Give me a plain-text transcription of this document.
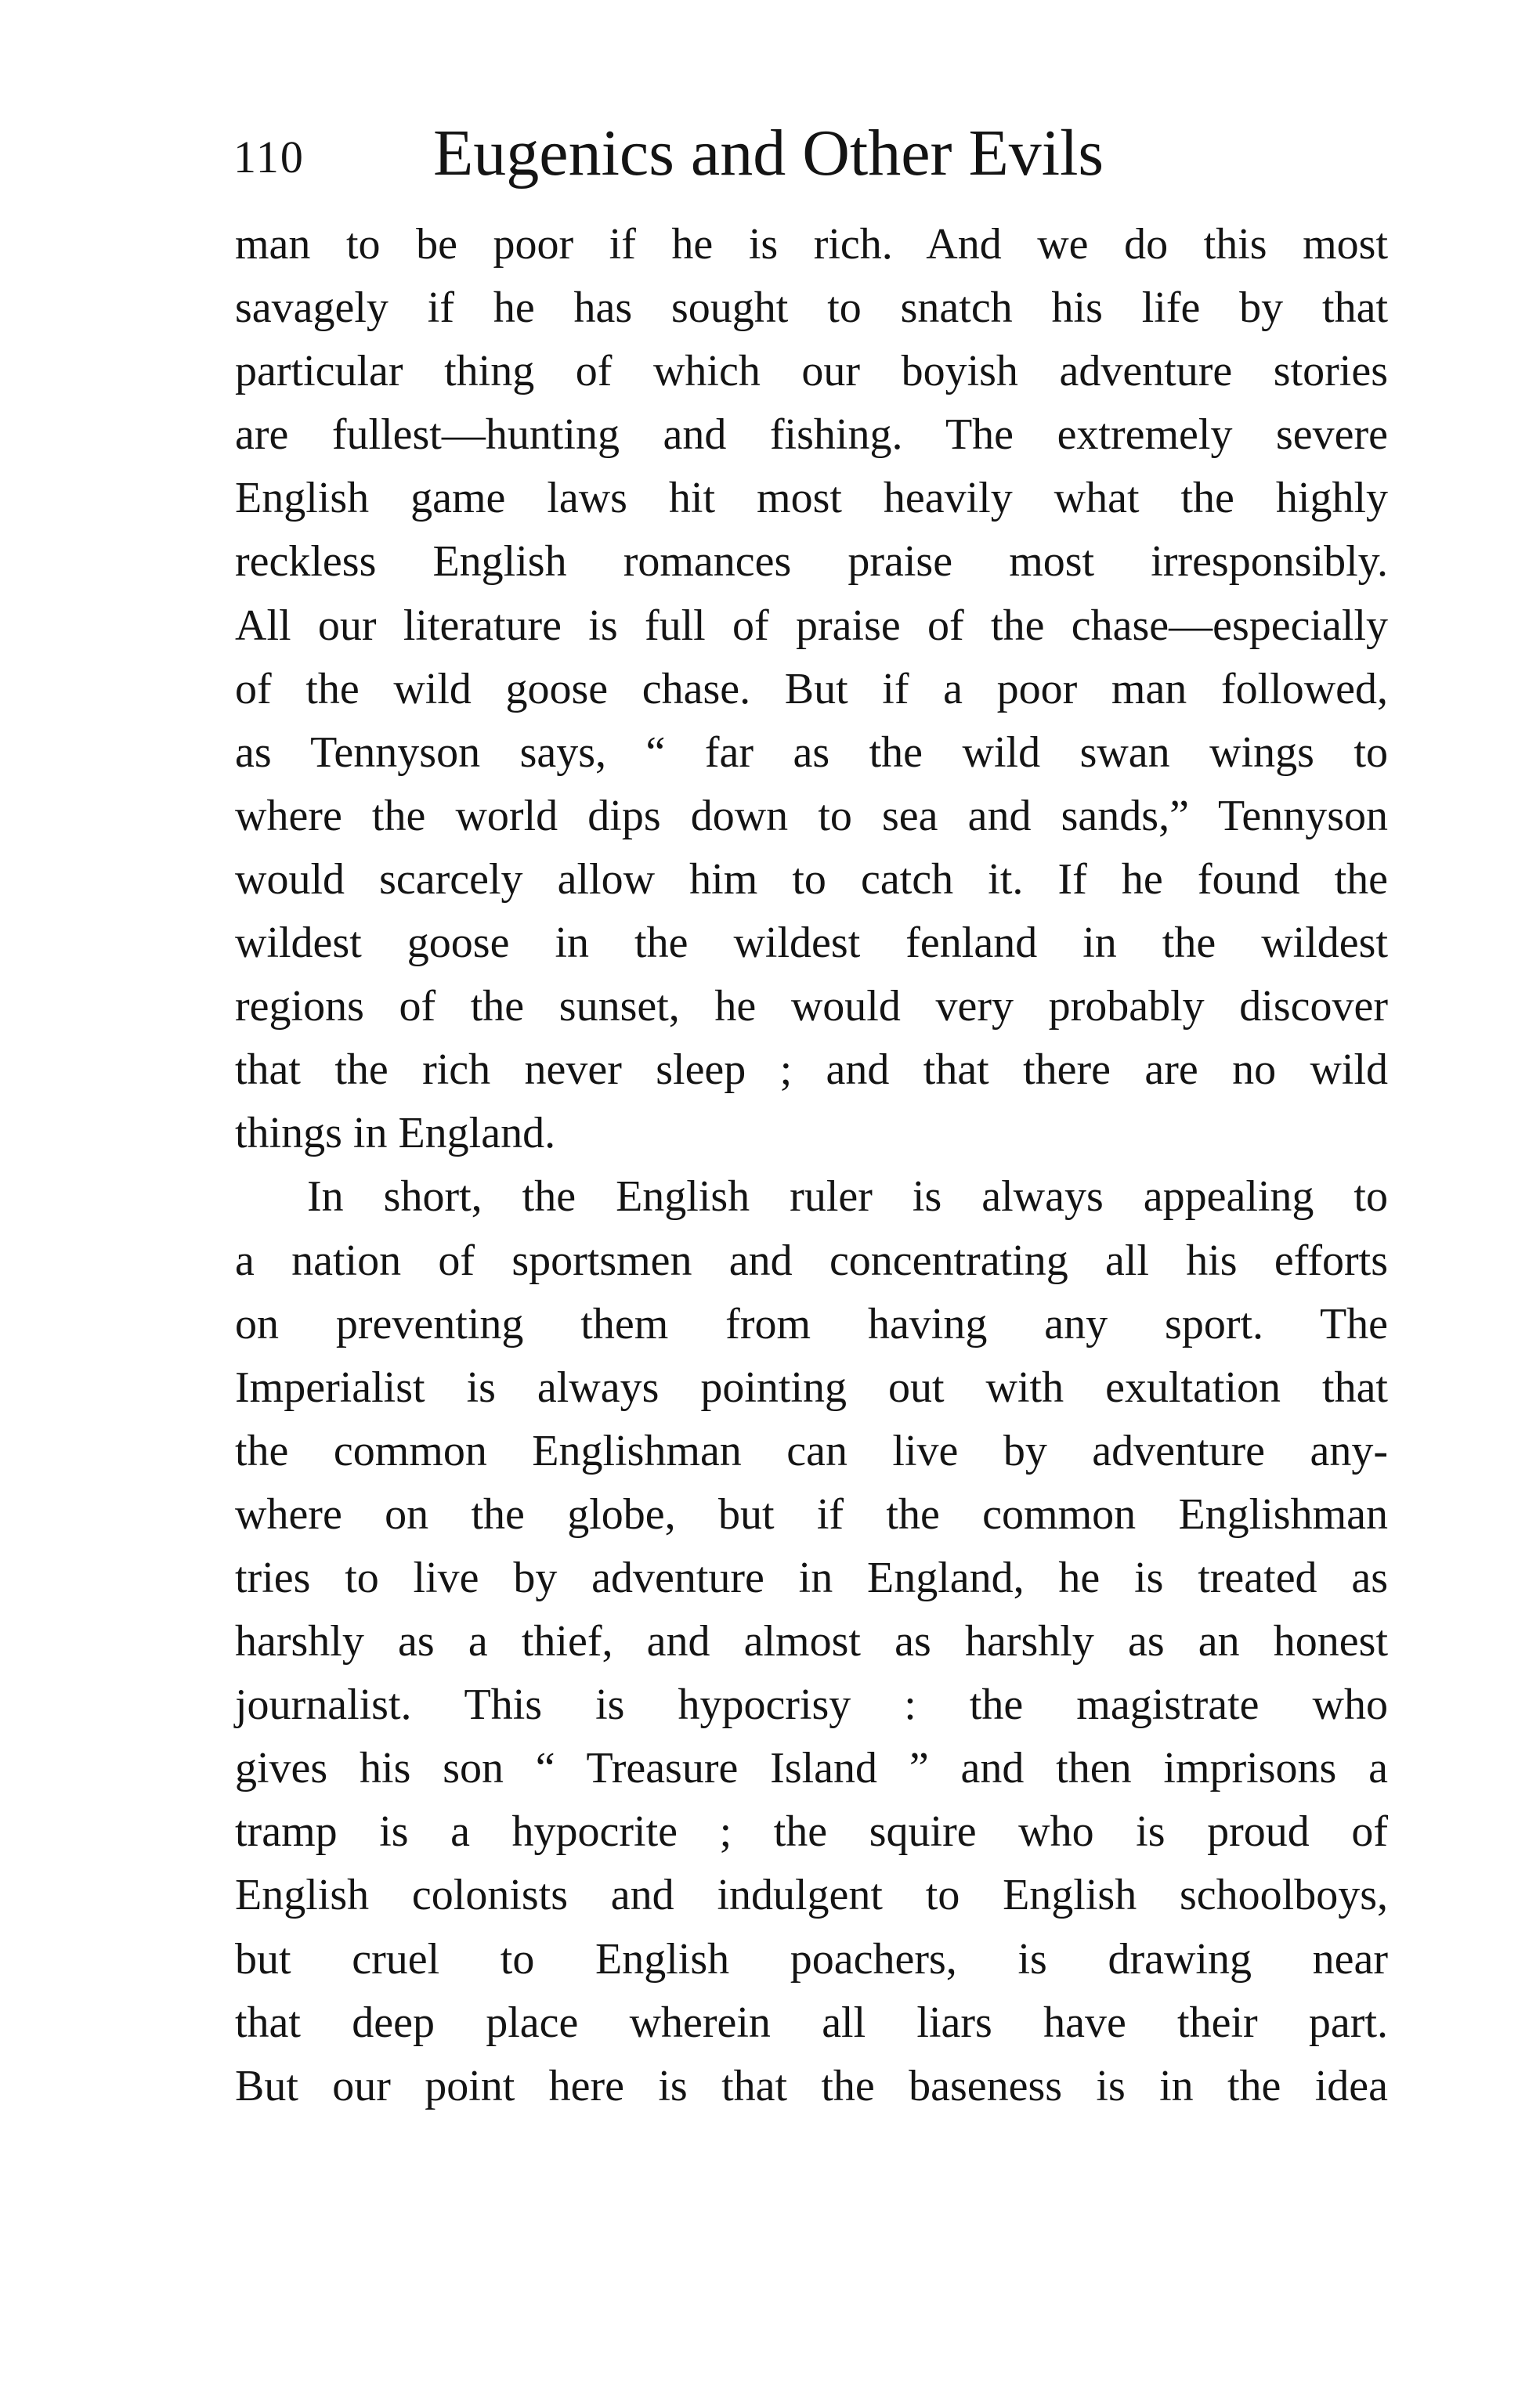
110 Eugenics and Other Evils
man to be poor if he is rich. And we do this most
savagely if he has sought to snatch his life by that
particular thing of which our boyish adventure stories
are fullest—hunting and fishing. The extremely severe
English game laws hit most heavily what the highly
reckless English romances praise most irresponsibly.
All our literature is full of praise of the chase—especially
of the wild goose chase. But if a poor man followed,
as Tennyson says, “ far as the wild swan wings to
where the world dips down to sea and sands,” Tennyson
would scarcely allow him to catch it. If he found the
wildest goose in the wildest fenland in the wildest
regions of the sunset, he would very probably discover
that the rich never sleep ; and that there are no wild
things in England.
In short, the English ruler is always appealing to
a nation of sportsmen and concentrating all his efforts
on preventing them from having any sport. The
Imperialist is always pointing out with exultation that
the common Englishman can live by adventure any-
where on the globe, but if the common Englishman
tries to live by adventure in England, he is treated as
harshly as a thief, and almost as harshly as an honest
journalist. This is hypocrisy : the magistrate who
gives his son “ Treasure Island ” and then imprisons a
tramp is a hypocrite ; the squire who is proud of
English colonists and indulgent to English schoolboys,
but cruel to English poachers, is drawing near
that deep place wherein all liars have their part.
But our point here is that the baseness is in the idea
